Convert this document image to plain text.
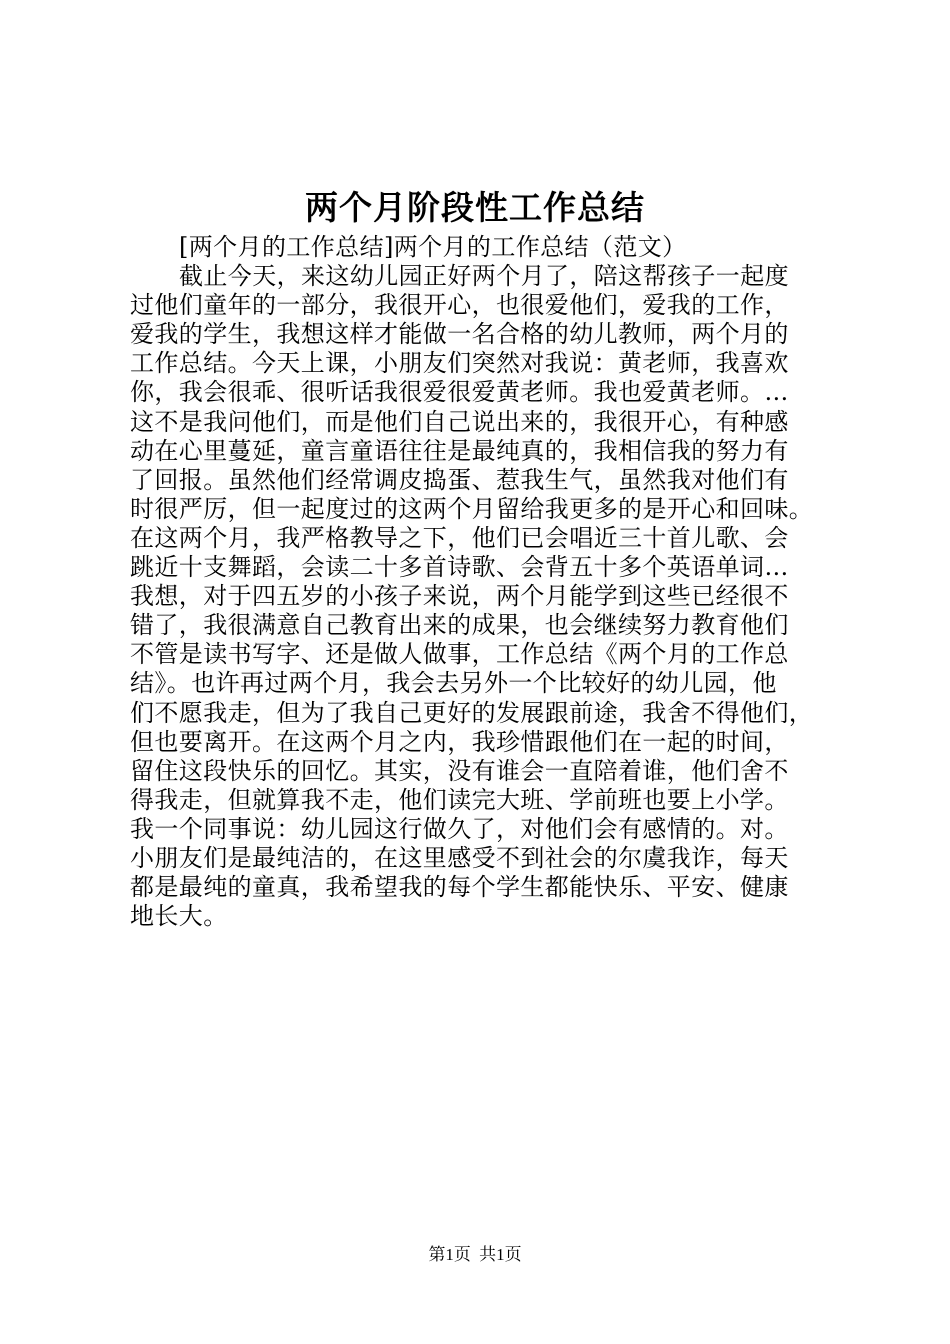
两个月阶段性工作总结
[两个月的工作总结]两个月的工作总结（范文）
截止今天，来这幼儿园正好两个月了，陪这帮孩子一起度
过他们童年的一部分，我很开心，也很爱他们，爱我的工作，
爱我的学生，我想这样才能做一名合格的幼儿教师，两个月的
工作总结。今天上课，小朋友们突然对我说：黄老师，我喜欢
你，我会很乖、很听话我很爱很爱黄老师。我也爱黄老师。…
这不是我问他们，而是他们自己说出来的，我很开心，有种感
动在心里蔓延，童言童语往往是最纯真的，我相信我的努力有
了回报。虽然他们经常调皮捣蛋、惹我生气，虽然我对他们有
时很严厉，但一起度过的这两个月留给我更多的是开心和回味。
在这两个月，我严格教导之下，他们已会唱近三十首儿歌、会
跳近十支舞蹈，会读二十多首诗歌、会背五十多个英语单词…
我想，对于四五岁的小孩子来说，两个月能学到这些已经很不
错了，我很满意自己教育出来的成果，也会继续努力教育他们
不管是读书写字、还是做人做事，工作总结《两个月的工作总
结》。也许再过两个月，我会去另外一个比较好的幼儿园，他
们不愿我走，但为了我自己更好的发展跟前途，我舍不得他们，
但也要离开。在这两个月之内，我珍惜跟他们在一起的时间，
留住这段快乐的回忆。其实，没有谁会一直陪着谁，他们舍不
得我走，但就算我不走，他们读完大班、学前班也要上小学。
我一个同事说：幼儿园这行做久了，对他们会有感情的。对。
小朋友们是最纯洁的，在这里感受不到社会的尔虞我诈，每天
都是最纯的童真，我希望我的每个学生都能快乐、平安、健康
地长大。
第1页 共1页
